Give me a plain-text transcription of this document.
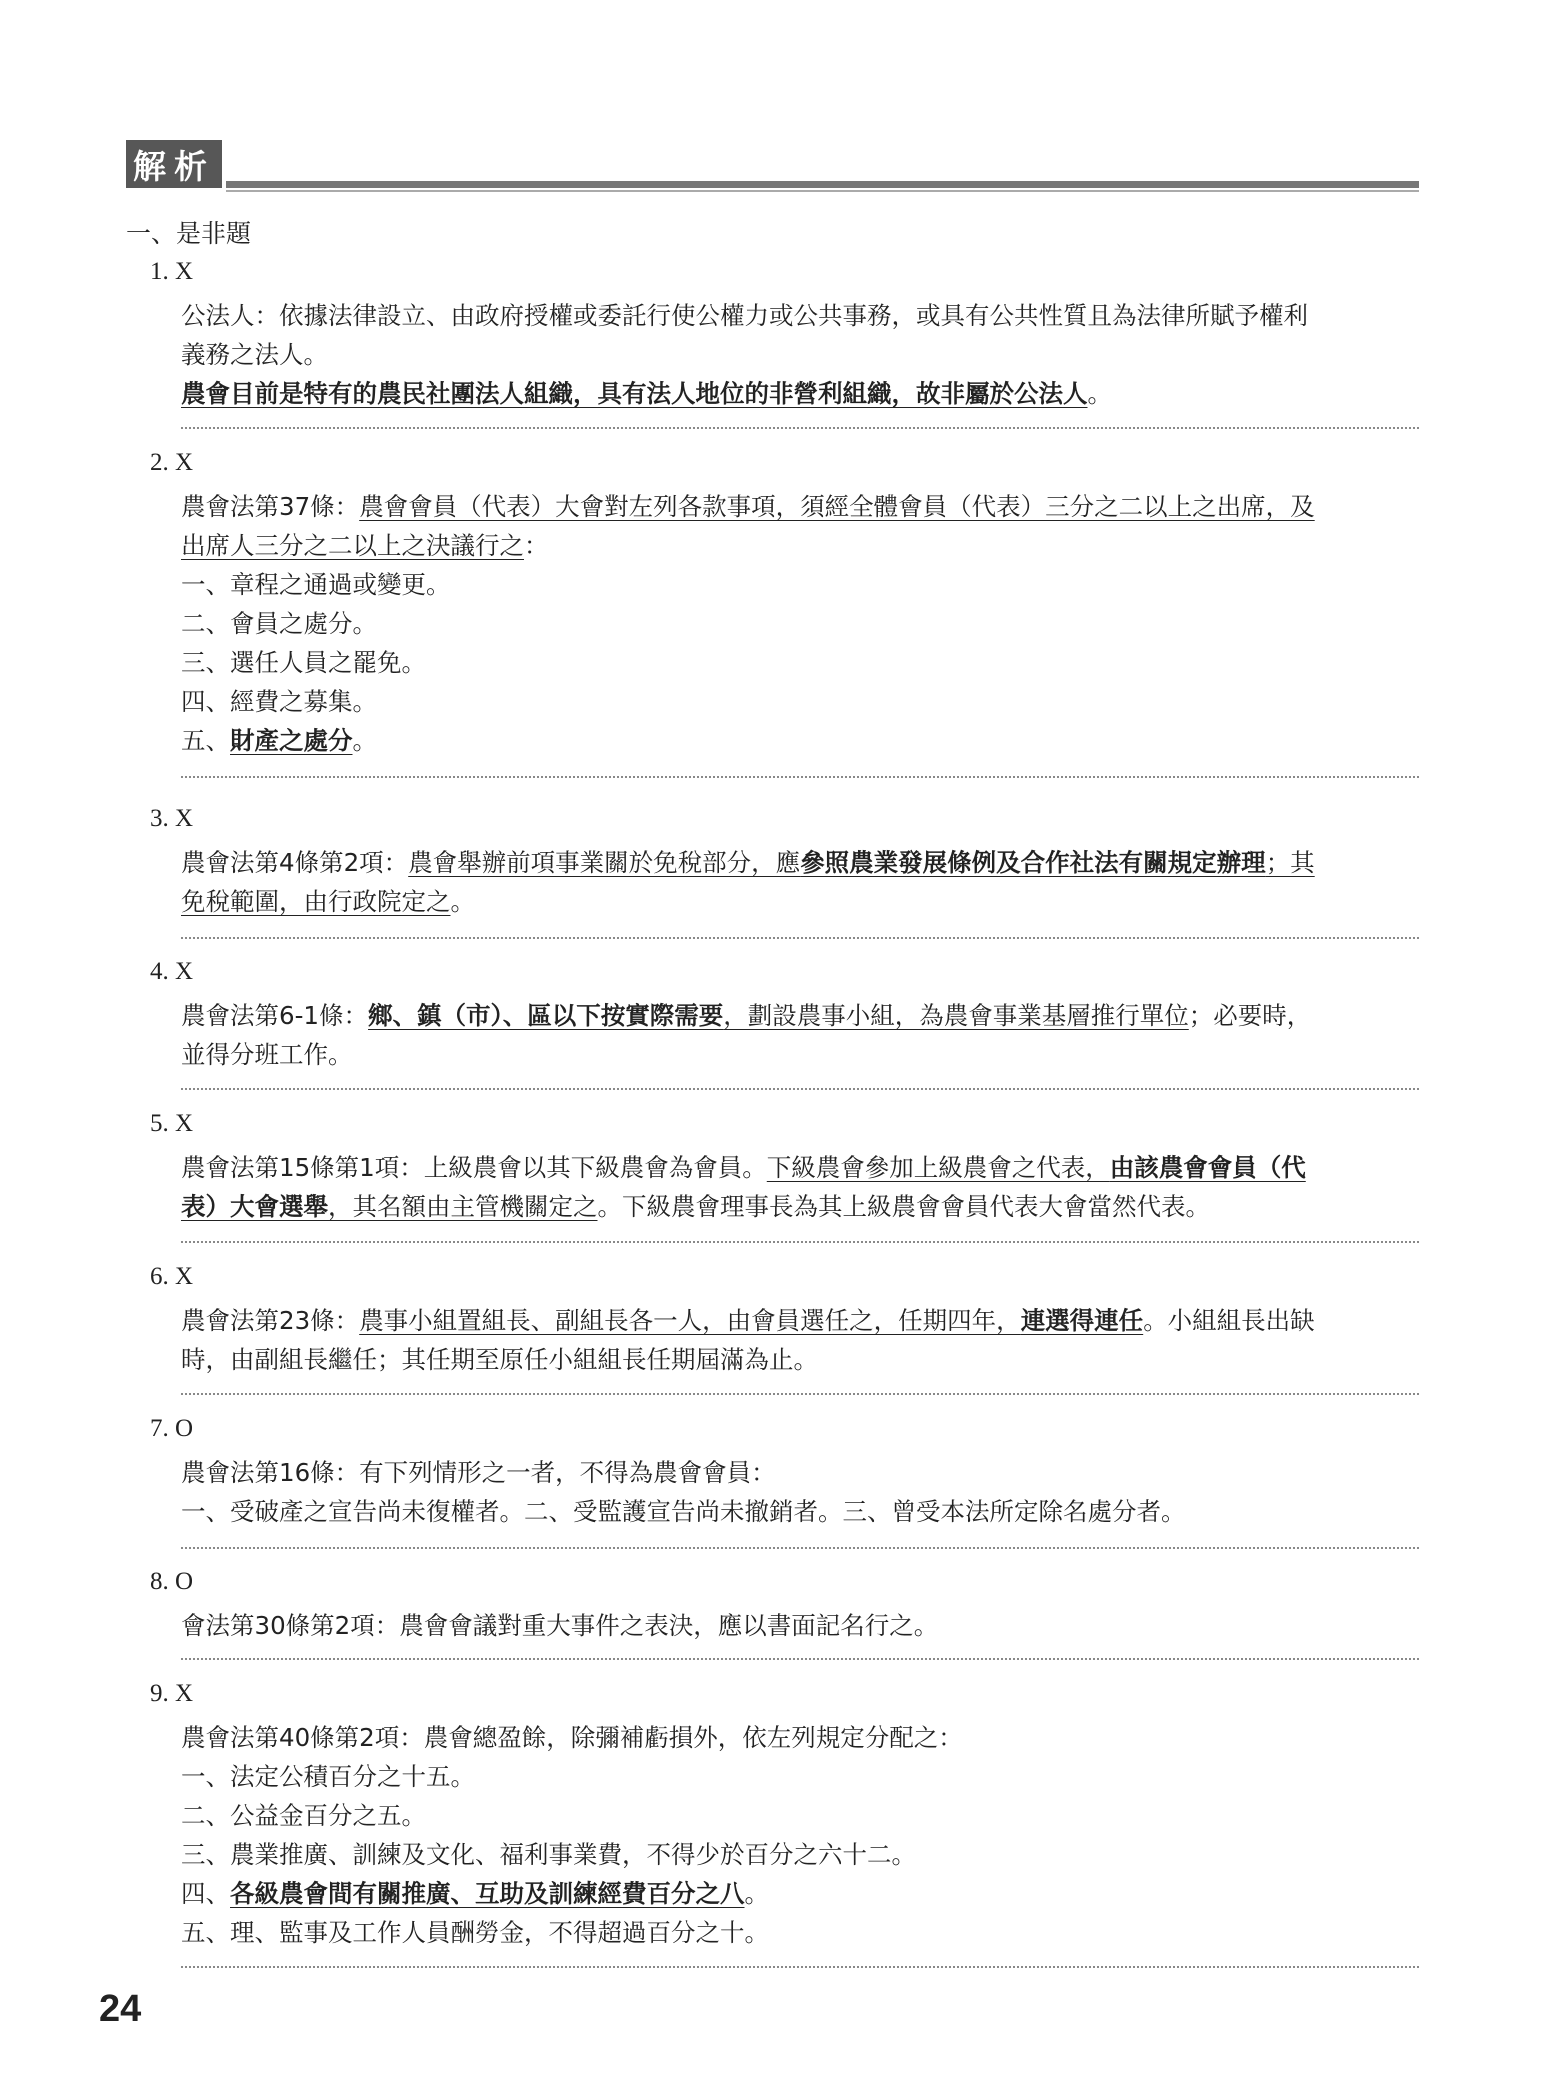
解析
一、是非題
1. X
公法人：依據法律設立、由政府授權或委託行使公權力或公共事務，或具有公共性質且為法律所賦予權利
義務之法人。
農會目前是特有的農民社團法人組織，具有法人地位的非營利組織，故非屬於公法人。
2. X
農會法第37條：農會會員（代表）大會對左列各款事項，須經全體會員（代表）三分之二以上之出席，及
出席人三分之二以上之決議行之：
一、章程之通過或變更。
二、會員之處分。
三、選任人員之罷免。
四、經費之募集。
五、財產之處分。
3. X
農會法第4條第2項：農會舉辦前項事業關於免稅部分，應參照農業發展條例及合作社法有關規定辦理；其
免稅範圍，由行政院定之。
4. X
農會法第6-1條：鄉、鎮（市）、區以下按實際需要，劃設農事小組，為農會事業基層推行單位；必要時，
並得分班工作。
5. X
農會法第15條第1項：上級農會以其下級農會為會員。下級農會參加上級農會之代表，由該農會會員（代
表）大會選舉，其名額由主管機關定之。下級農會理事長為其上級農會會員代表大會當然代表。
6. X
農會法第23條：農事小組置組長、副組長各一人，由會員選任之，任期四年，連選得連任。小組組長出缺
時，由副組長繼任；其任期至原任小組組長任期屆滿為止。
7. O
農會法第16條：有下列情形之一者，不得為農會會員：
一、受破產之宣告尚未復權者。二、受監護宣告尚未撤銷者。三、曾受本法所定除名處分者。
8. O
會法第30條第2項：農會會議對重大事件之表決，應以書面記名行之。
9. X
農會法第40條第2項：農會總盈餘，除彌補虧損外，依左列規定分配之：
一、法定公積百分之十五。
二、公益金百分之五。
三、農業推廣、訓練及文化、福利事業費，不得少於百分之六十二。
四、各級農會間有關推廣、互助及訓練經費百分之八。
五、理、監事及工作人員酬勞金，不得超過百分之十。
24
